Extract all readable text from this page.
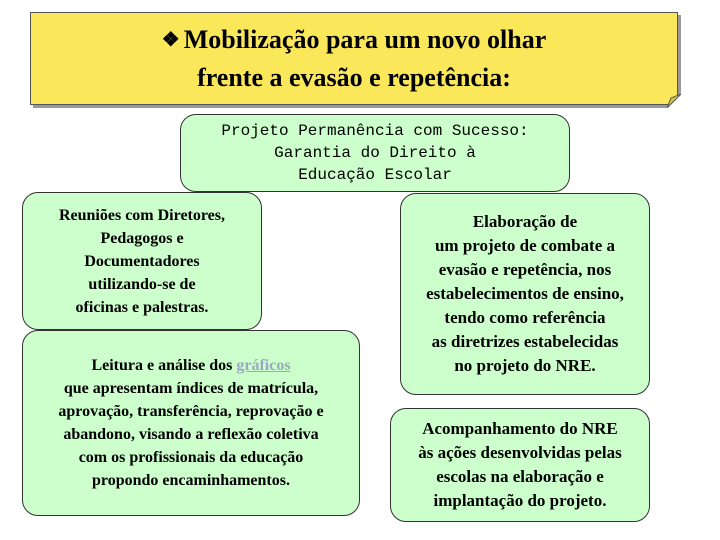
❖ Mobilização para um novo olhar
frente a evasão e repetência:
Projeto Permanência com Sucesso:
Garantia do Direito à
Educação Escolar
Reuniões com Diretores,
Pedagogos e
Documentadores
utilizando-se de
oficinas e palestras.
Leitura e análise dos gráficos
que apresentam índices de matrícula,
aprovação, transferência, reprovação e
abandono, visando a reflexão coletiva
com os profissionais da educação
propondo encaminhamentos.
Elaboração de
um projeto de combate a
evasão e repetência, nos
estabelecimentos de ensino,
tendo como referência
as diretrizes estabelecidas
no projeto do NRE.
Acompanhamento do NRE
às ações desenvolvidas pelas
escolas na elaboração e
implantação do projeto.
